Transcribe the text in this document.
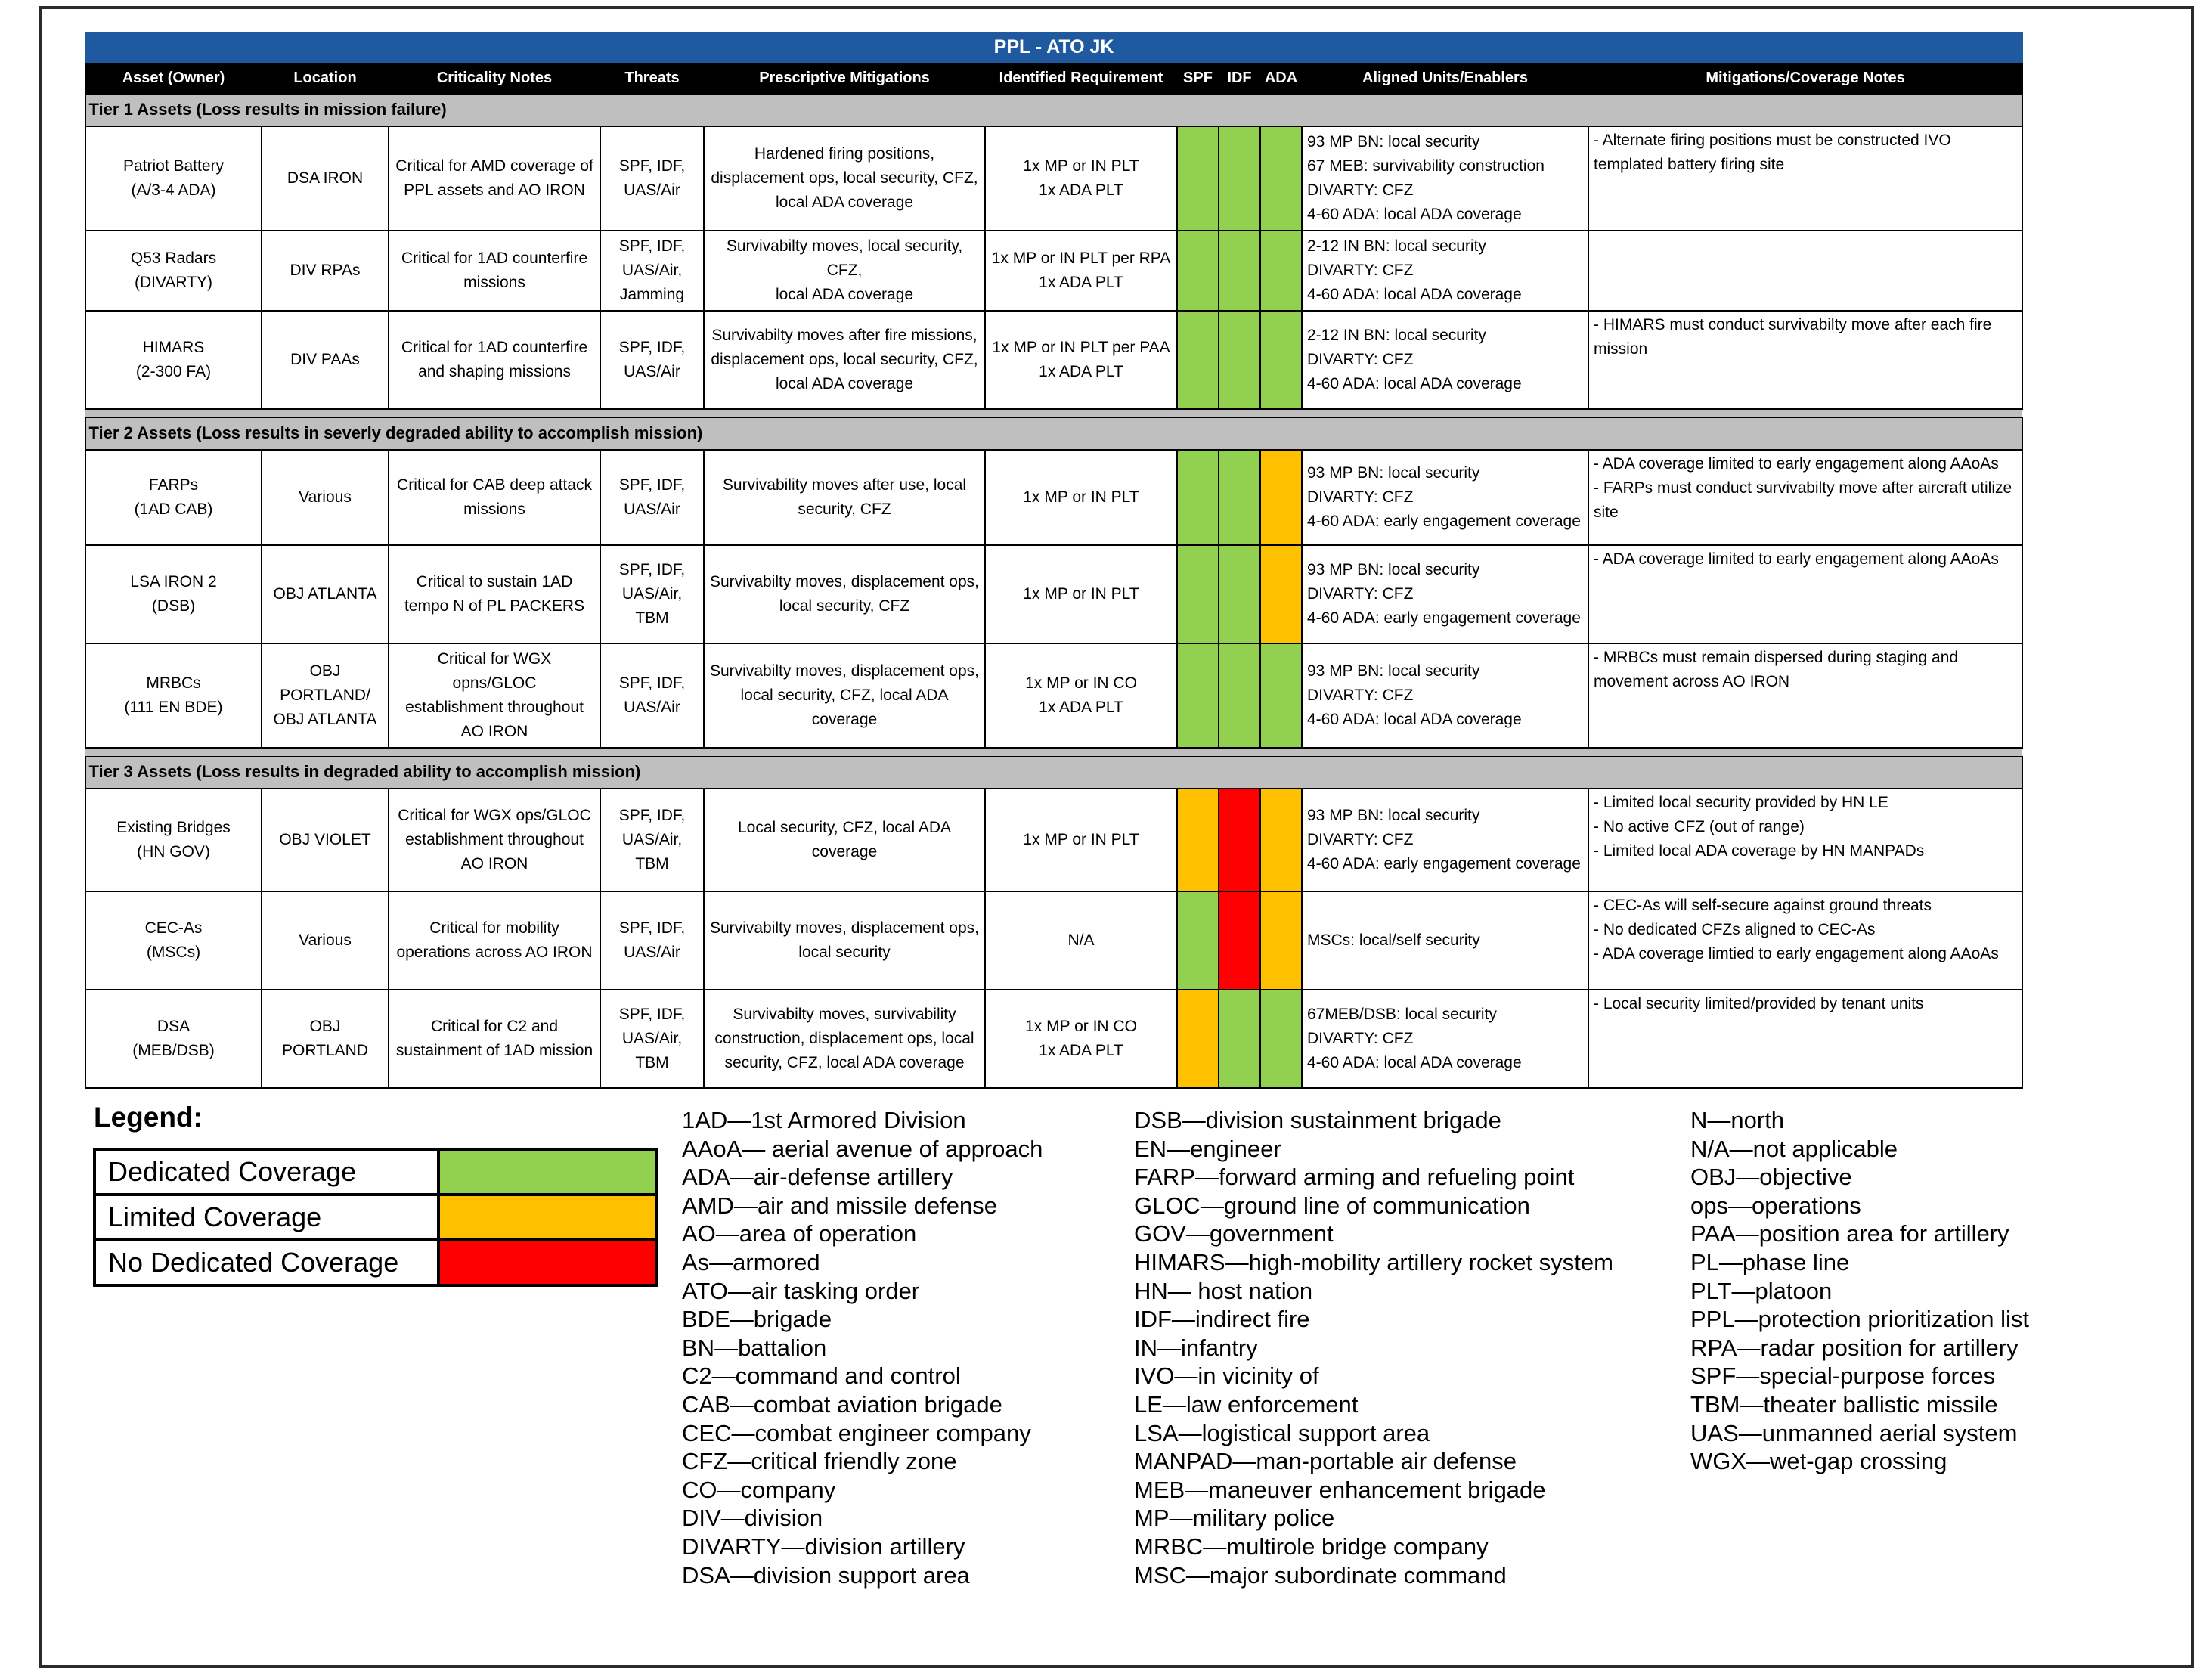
PPL - ATO JK										
Asset (Owner)	Location	Criticality Notes	Threats	Prescriptive Mitigations	Identified Requirement	SPF	IDF	ADA	Aligned Units/Enablers	Mitigations/Coverage Notes
Tier 1 Assets (Loss results in mission failure)										

Patriot Battery
(A/3-4 ADA)	DSA IRON	Critical for AMD coverage of
PPL assets and AO IRON	SPF, IDF,
UAS/Air	Hardened firing positions,
displacement ops, local security, CFZ,
local ADA coverage	1x MP or IN PLT
1x ADA PLT				93 MP BN: local security
67 MEB: survivability construction
DIVARTY: CFZ
4-60 ADA: local ADA coverage	- Alternate firing positions must be constructed IVO
templated battery firing site

Q53 Radars
(DIVARTY)	DIV RPAs	Critical for 1AD counterfire
missions	SPF, IDF,
UAS/Air,
Jamming	Survivabilty moves, local security, CFZ,
local ADA coverage	1x MP or IN PLT per RPA
1x ADA PLT				2-12 IN BN: local security
DIVARTY: CFZ
4-60 ADA: local ADA coverage	

HIMARS
(2-300 FA)	DIV PAAs	Critical for 1AD counterfire
and shaping missions	SPF, IDF,
UAS/Air	Survivabilty moves after fire missions,
displacement ops, local security, CFZ,
local ADA coverage	1x MP or IN PLT per PAA
1x ADA PLT				2-12 IN BN: local security
DIVARTY: CFZ
4-60 ADA: local ADA coverage	- HIMARS must conduct survivabilty move after each fire
mission

Tier 2 Assets (Loss results in severly degraded ability to accomplish mission)										

FARPs
(1AD CAB)	Various	Critical for CAB deep attack
missions	SPF, IDF,
UAS/Air	Survivability moves after use, local
security, CFZ	1x MP or IN PLT				93 MP BN: local security
DIVARTY: CFZ
4-60 ADA: early engagement coverage	- ADA coverage limited to early engagement along AAoAs
- FARPs must conduct survivabilty move after aircraft utilize
site

LSA IRON 2
(DSB)	OBJ ATLANTA	Critical to sustain 1AD
tempo N of PL PACKERS	SPF, IDF,
UAS/Air, TBM	Survivabilty moves, displacement ops,
local security, CFZ	1x MP or IN PLT				93 MP BN: local security
DIVARTY: CFZ
4-60 ADA: early engagement coverage	- ADA coverage limited to early engagement along AAoAs

MRBCs
(111 EN BDE)	OBJ PORTLAND/
OBJ ATLANTA	Critical for WGX opns/GLOC
establishment throughout
AO IRON	SPF, IDF,
UAS/Air	Survivabilty moves, displacement ops,
local security, CFZ, local ADA coverage	1x MP or IN CO
1x ADA PLT				93 MP BN: local security
DIVARTY: CFZ
4-60 ADA: local ADA coverage	- MRBCs must remain dispersed during staging and
movement across AO IRON

Tier 3 Assets (Loss results in degraded ability to accomplish mission)										

Existing Bridges
(HN GOV)	OBJ VIOLET	Critical for WGX ops/GLOC
establishment throughout
AO IRON	SPF, IDF,
UAS/Air, TBM	Local security, CFZ, local ADA
coverage	1x MP or IN PLT				93 MP BN: local security
DIVARTY: CFZ
4-60 ADA: early engagement coverage	- Limited local security provided by HN LE
- No active CFZ (out of range)
- Limited local ADA coverage by HN MANPADs

CEC-As
(MSCs)	Various	Critical for mobility
operations across AO IRON	SPF, IDF,
UAS/Air	Survivabilty moves, displacement ops,
local security	N/A				MSCs: local/self security	- CEC-As will self-secure against ground threats
- No dedicated CFZs aligned to CEC-As
- ADA coverage limtied to early engagement along AAoAs

DSA
(MEB/DSB)	OBJ PORTLAND	Critical for C2 and
sustainment of 1AD mission	SPF, IDF,
UAS/Air, TBM	Survivabilty moves, survivability
construction, displacement ops, local
security, CFZ, local ADA coverage	1x MP or IN CO
1x ADA PLT				67MEB/DSB: local security
DIVARTY: CFZ
4-60 ADA: local ADA coverage	- Local security limited/provided by tenant units
Legend:
Dedicated Coverage	
Limited Coverage	
No Dedicated Coverage	
1AD—1st Armored Division
AAoA— aerial avenue of approach
ADA—air-defense artillery
AMD—air and missile defense
AO—area of operation
As—armored
ATO—air tasking order
BDE—brigade
BN—battalion
C2—command and control
CAB—combat aviation brigade
CEC—combat engineer company
CFZ—critical friendly zone
CO—company
DIV—division
DIVARTY—division artillery
DSA—division support area
DSB—division sustainment brigade
EN—engineer
FARP—forward arming and refueling point
GLOC—ground line of communication
GOV—government
HIMARS—high-mobility artillery rocket system
HN— host nation
IDF—indirect fire
IN—infantry
IVO—in vicinity of
LE—law enforcement
LSA—logistical support area
MANPAD—man-portable air defense
MEB—maneuver enhancement brigade
MP—military police
MRBC—multirole bridge company
MSC—major subordinate command
N—north
N/A—not applicable
OBJ—objective
ops—operations
PAA—position area for artillery
PL—phase line
PLT—platoon
PPL—protection prioritization list
RPA—radar position for artillery
SPF—special-purpose forces
TBM—theater ballistic missile
UAS—unmanned aerial system
WGX—wet-gap crossing
